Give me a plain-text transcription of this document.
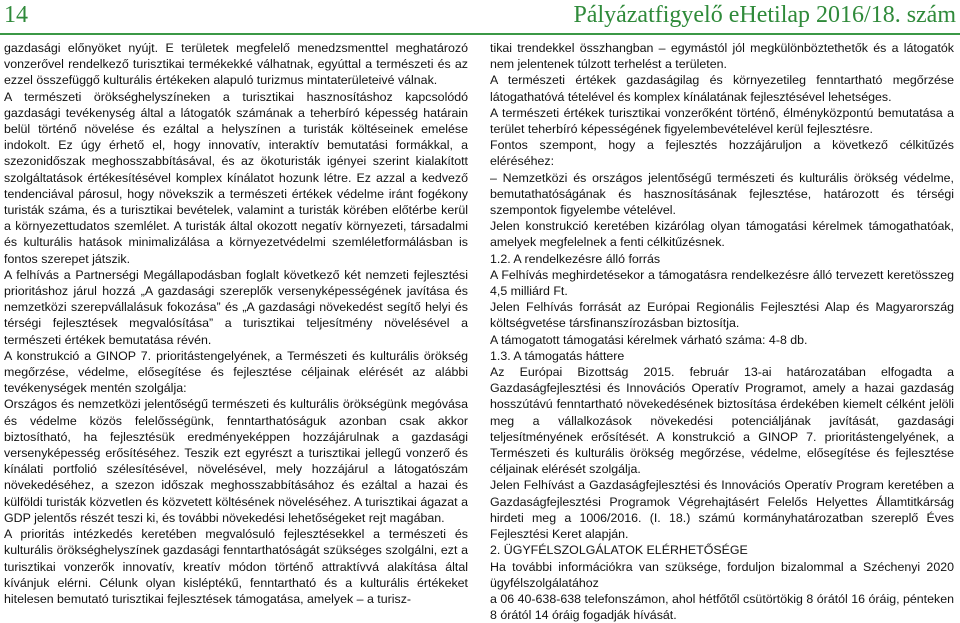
14	Pályázatfigyelő eHetilap 2016/18. szám

gazdasági előnyöket nyújt. E területek megfelelő menedzsmenttel meghatározó vonzerővel rendelkező turisztikai termékekké válhatnak, egyúttal a természeti és az ezzel összefüggő kulturális értékeken alapuló turizmus mintaterületeivé válnak.

A természeti örökséghelyszíneken a turisztikai hasznosításhoz kapcsolódó gazdasági tevékenység által a látogatók számának a teherbíró képesség határain belül történő növelése és ezáltal a helyszínen a turisták költéseinek emelése indokolt. Ez úgy érhető el, hogy innovatív, interaktív bemutatási formákkal, a szezonidőszak meghosszabbításával, és az ökoturisták igényei szerint kialakított szolgáltatások értékesítésével komplex kínálatot hozunk létre. Ez azzal a kedvező tendenciával párosul, hogy növekszik a természeti értékek védelme iránt fogékony turisták száma, és a turisztikai bevételek, valamint a turisták körében előtérbe kerül a környezettudatos szemlélet. A turisták által okozott negatív környezeti, társadalmi és kulturális hatások minimalizálása a környezetvédelmi szemléletformálásban is fontos szerepet játszik.

A felhívás a Partnerségi Megállapodásban foglalt következő két nemzeti fejlesztési prioritáshoz járul hozzá „A gazdasági szereplők versenyképességének javítása és nemzetközi szerepvállalásuk fokozása” és „A gazdasági növekedést segítő helyi és térségi fejlesztések megvalósítása” a turisztikai teljesítmény növelésével a természeti értékek bemutatása révén.

A konstrukció a GINOP 7. prioritástengelyének, a Természeti és kulturális örökség megőrzése, védelme, elősegítése és fejlesztése céljainak elérését az alábbi tevékenységek mentén szolgálja:

Országos és nemzetközi jelentőségű természeti és kulturális örökségünk megóvása és védelme közös felelősségünk, fenntarthatóságuk azonban csak akkor biztosítható, ha fejlesztésük eredményeképpen hozzájárulnak a gazdasági versenyképesség erősítéséhez. Teszik ezt egyrészt a turisztikai jellegű vonzerő és kínálati portfolió szélesítésével, növelésével, mely hozzájárul a látogatószám növekedéséhez, a szezon időszak meghosszabbításához és ezáltal a hazai és külföldi turisták közvetlen és közvetett költésének növeléséhez. A turisztikai ágazat a GDP jelentős részét teszi ki, és további növekedési lehetőségeket rejt magában.

A prioritás intézkedés keretében megvalósuló fejlesztésekkel a természeti és kulturális örökséghelyszínek gazdasági fenntarthatóságát szükséges szolgálni, ezt a turisztikai vonzerők innovatív, kreatív módon történő attraktívvá alakítása által kívánjuk elérni. Célunk olyan kisléptékű, fenntartható és a kulturális értékeket hitelesen bemutató turisztikai fejlesztések támogatása, amelyek – a turisz-

tikai trendekkel összhangban – egymástól jól megkülönböztethetők és a látogatók nem jelentenek túlzott terhelést a területen.

A természeti értékek gazdaságilag és környezetileg fenntartható megőrzése látogathatóvá tételével és komplex kínálatának fejlesztésével lehetséges.

A természeti értékek turisztikai vonzerőként történő, élményközpontú bemutatása a terület teherbíró képességének figyelembevételével kerül fejlesztésre.

Fontos szempont, hogy a fejlesztés hozzájáruljon a következő célkitűzés eléréséhez:

– Nemzetközi és országos jelentőségű természeti és kulturális örökség védelme, bemutathatóságának és hasznosításának fejlesztése, határozott és térségi szempontok figyelembe vételével.

Jelen konstrukció keretében kizárólag olyan támogatási kérelmek támogathatóak, amelyek megfelelnek a fenti célkitűzésnek.

1.2. A rendelkezésre álló forrás

A Felhívás meghirdetésekor a támogatásra rendelkezésre álló tervezett keretösszeg 4,5 milliárd Ft.

Jelen Felhívás forrását az Európai Regionális Fejlesztési Alap és Magyarország költségvetése társfinanszírozásban biztosítja.

A támogatott támogatási kérelmek várható száma: 4-8 db.

1.3. A támogatás háttere

Az Európai Bizottság 2015. február 13-ai határozatában elfogadta a Gazdaságfejlesztési és Innovációs Operatív Programot, amely a hazai gazdaság hosszútávú fenntartható növekedésének biztosítása érdekében kiemelt célként jelöli meg a vállalkozások növekedési potenciáljának javítását, gazdasági teljesítményének erősítését. A konstrukció a GINOP 7. prioritástengelyének, a Természeti és kulturális örökség megőrzése, védelme, elősegítése és fejlesztése céljainak elérését szolgálja.

Jelen Felhívást a Gazdaságfejlesztési és Innovációs Operatív Program keretében a Gazdaságfejlesztési Programok Végrehajtásért Felelős Helyettes Államtitkárság hirdeti meg a 1006/2016. (I. 18.) számú kormányhatározatban szereplő Éves Fejlesztési Keret alapján.

2. ÜGYFÉLSZOLGÁLATOK ELÉRHETŐSÉGE

Ha további információkra van szüksége, forduljon bizalommal a Széchenyi 2020 ügyfélszolgálatához

a 06 40-638-638 telefonszámon, ahol hétfőtől csütörtökig 8 órától 16 óráig, pénteken 8 órától 14 óráig fogadják hívását.
